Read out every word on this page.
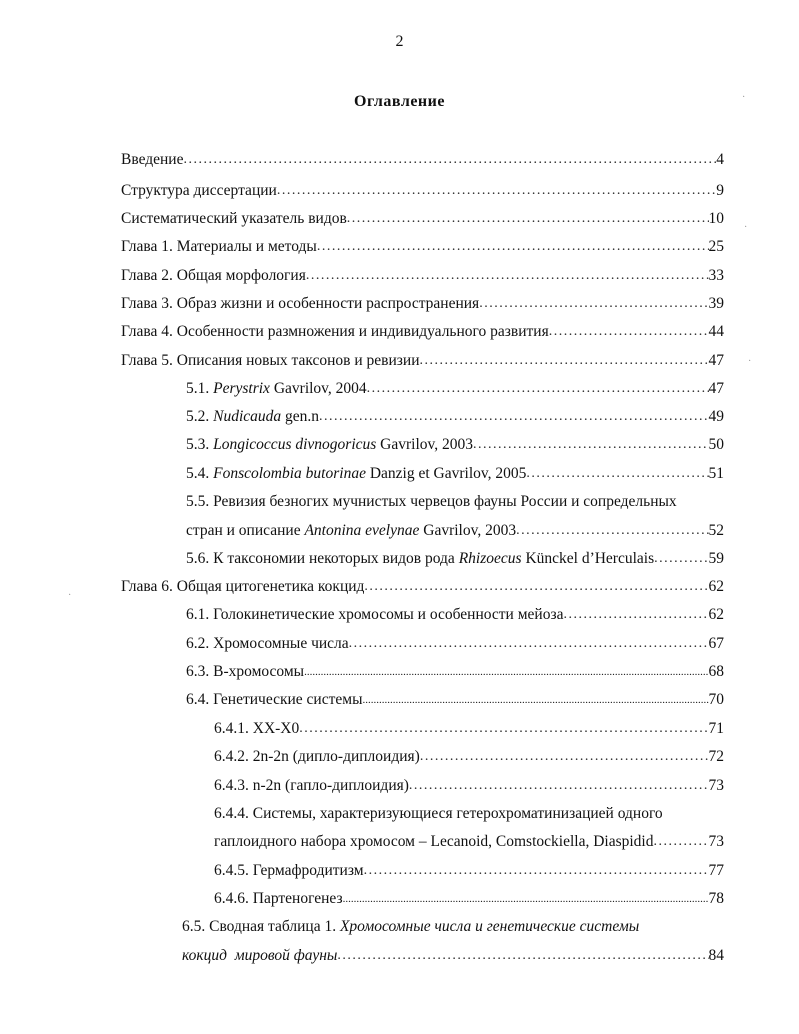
2
Оглавление
Введение .....	4
Структура диссертации .....	9
Систематический указатель видов .....	10
Глава 1. Материалы и методы .....	25
Глава 2. Общая морфология .....	33
Глава 3. Образ жизни и особенности распространения .....	39
Глава 4. Особенности размножения и индивидуального развития .....	44
Глава 5. Описания новых таксонов и ревизии .....	47
5.1. Perystrix Gavrilov, 2004 .....	47
5.2. Nudicauda gen.n .....	49
5.3. Longicoccus divnogoricus Gavrilov, 2003 .....	50
5.4. Fonscolombia butorinae Danzig et Gavrilov, 2005 .....	51
5.5. Ревизия безногих мучнистых червецов фауны России и сопредельных
стран и описание Antonina evelynae Gavrilov, 2003 .....	52
5.6. К таксономии некоторых видов рода Rhizoecus Künckel d’Herculais .....	59
Глава 6. Общая цитогенетика кокцид .....	62
6.1. Голокинетические хромосомы и особенности мейоза .....	62
6.2. Хромосомные числа .....	67
6.3. В-хромосомы .....	68
6.4. Генетические системы .....	70
6.4.1. XX-X0 .....	71
6.4.2. 2n-2n (дипло-диплоидия) .....	72
6.4.3. n-2n (гапло-диплоидия) .....	73
6.4.4. Системы, характеризующиеся гетерохроматинизацией одного
гаплоидного набора хромосом – Lecanoid, Comstockiella, Diaspidid .....	73
6.4.5. Гермафродитизм .....	77
6.4.6. Партеногенез .....	78
6.5. Сводная таблица 1. Хромосомные числа и генетические системы
кокцид  мировой фауны .....	84
·
·
·
·
